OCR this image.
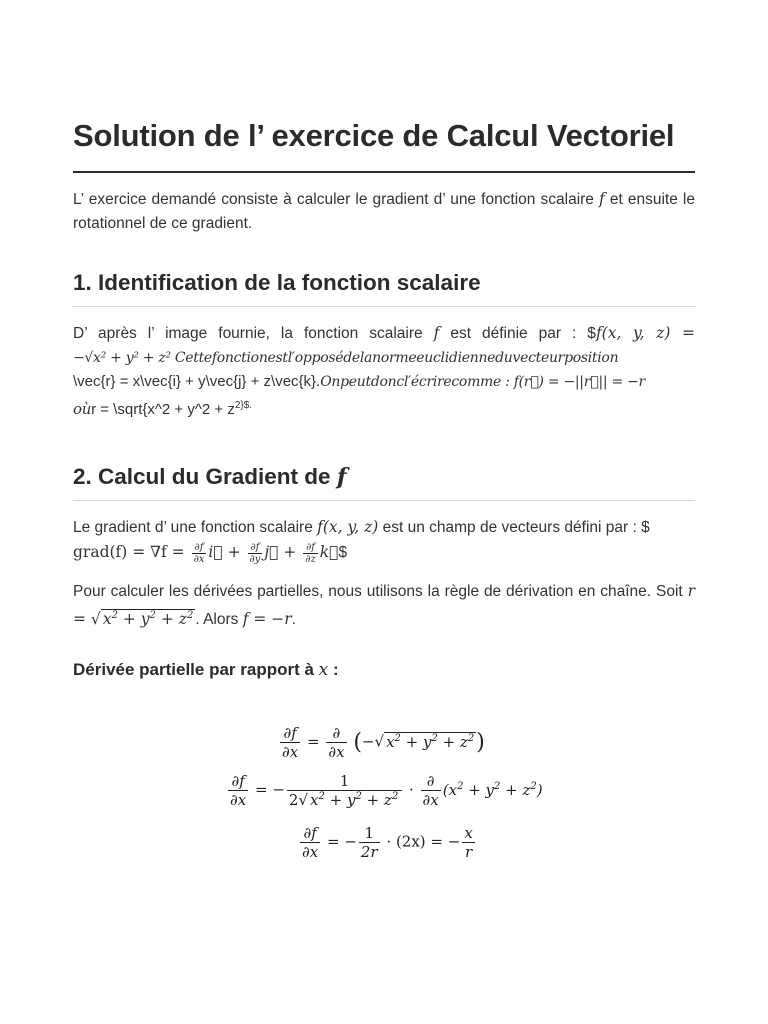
Solution de l’ exercice de Calcul Vectoriel

L’ exercice demandé consiste à calculer le gradient d’ une fonction scalaire f et ensuite le rotationnel de ce gradient.

1. Identification de la fonction scalaire
D’ après l’ image fournie, la fonction scalaire f est définie par : $f(x, y, z) =
−√x² + y² + z² Cettefonctionestl′opposédelanormeeuclidienneduvecteurposition
\vec{r} = x\vec{i} + y\vec{j} + z\vec{k}.Onpeutdoncl′écrirecomme : f(r⃗) = −||r⃗|| = −r
oùr = \sqrt{x^2 + y^2 + $z^{2\}\$.}$
2. Calcul du Gradient de f
Le gradient d’ une fonction scalaire f(x, y, z) est un champ de vecteurs défini par : $
grad(f) = $\nabla f = \frac{\partial f}{\partial x}$ i⃗ + $\frac{\partial f}{\partial y}$ j⃗ + $\frac{\partial f}{\partial z}$ k⃗$

Pour calculer les dérivées partielles, nous utilisons la règle de dérivation en chaîne. Soit r = √ $x^2 + y^2 + z^2$ . Alors f = −r.

Dérivée partielle par rapport à x :
$\frac{\partial f}{\partial x} = \frac{\partial}{\partial x}$ (−√ $x^2 + y^2 + z^2$)
$\frac{\partial f}{\partial x}$ = − $\frac{1}{2√ x^2 + y^2 + z^2} \cdot \frac{\partial}{\partial x} (x^2 + y^2 + z^2)$
$\frac{\partial f}{\partial x}$ = − $\frac{1}{2r} \cdot (2x)$ = − $\frac{x}{r}$
